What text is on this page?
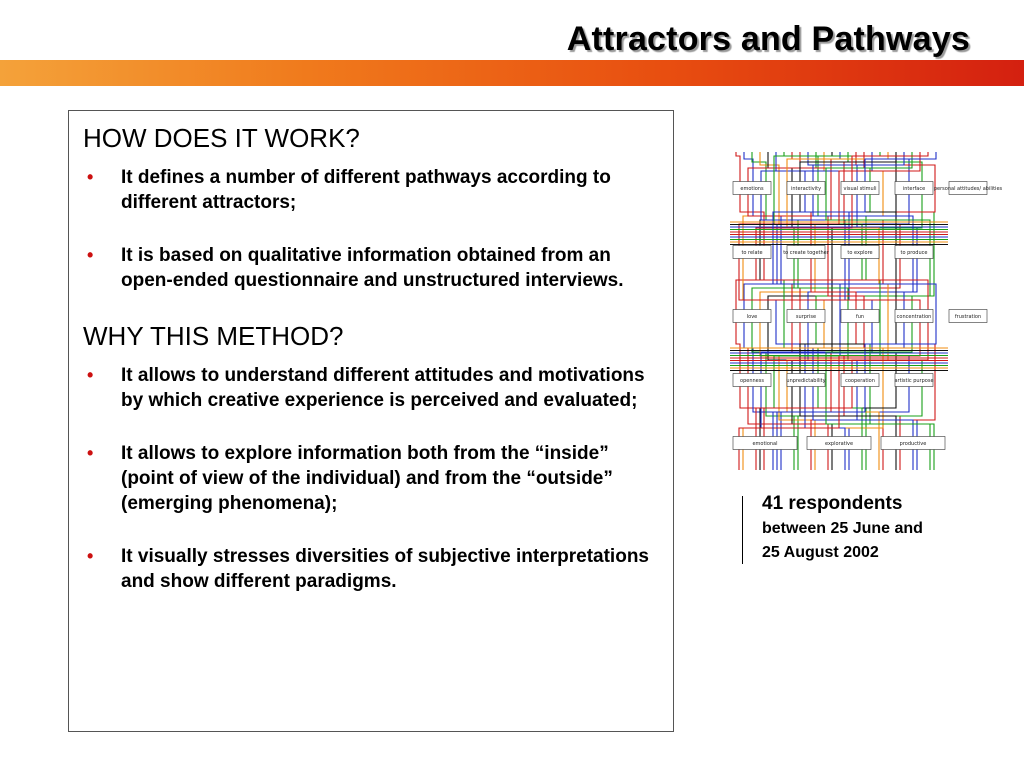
Attractors and Pathways
HOW DOES IT WORK?
• It defines a number of different pathways according to different attractors;
• It is based on qualitative information obtained from an open-ended questionnaire and unstructured interviews.
WHY THIS METHOD?
• It allows to understand different attitudes and motivations by which creative experience is perceived and evaluated;
• It allows to explore information both from the “inside” (point of view of the individual) and from the “outside” (emerging phenomena);
• It visually stresses diversities of subjective interpretations and show different paradigms.
emotions	interactivity	visual stimuli	interface personal attitudes/ abilities
to relate	to create together	to explore	to produce
love	surprise	fun	concentration	frustration
openness	unpredictability	cooperation	artistic purpose
emotional	explorative	productive
41 respondents
between 25 June and
25 August 2002
